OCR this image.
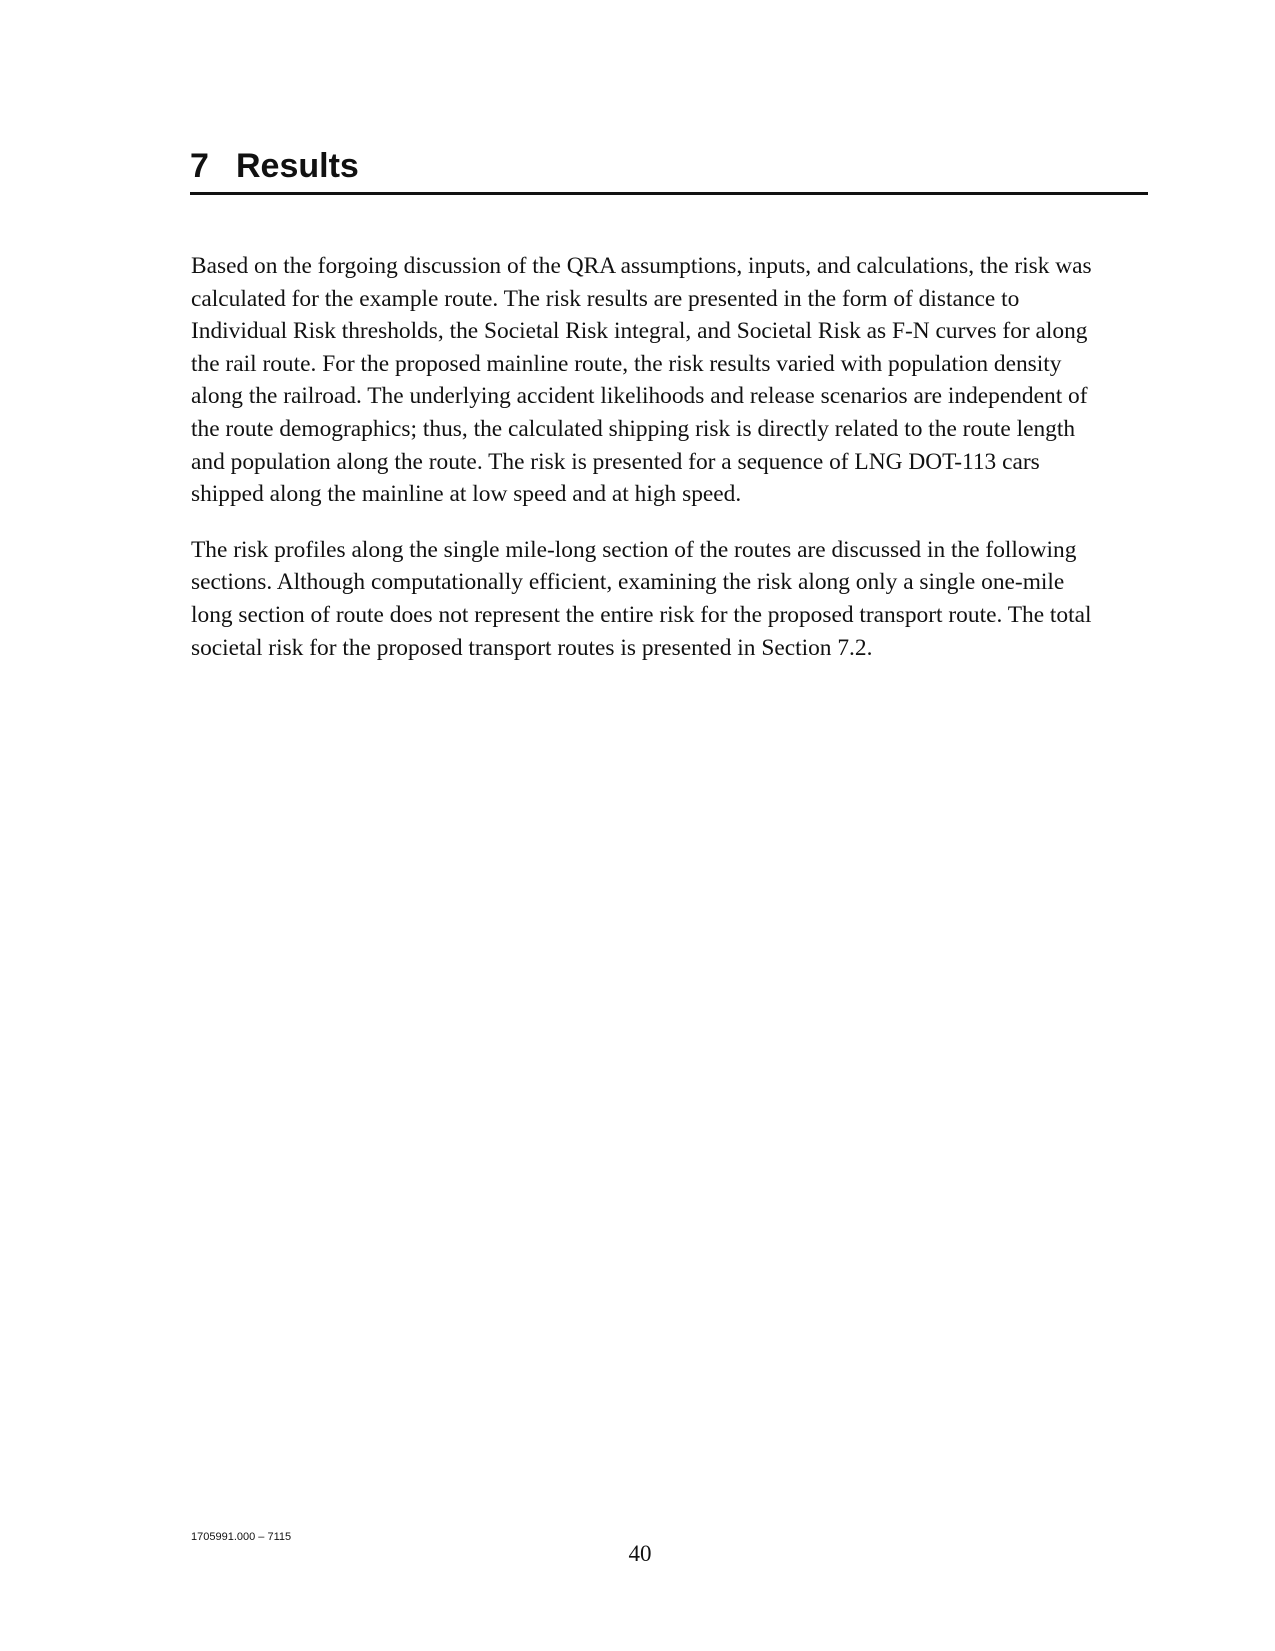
7 Results

Based on the forgoing discussion of the QRA assumptions, inputs, and calculations, the risk was
calculated for the example route. The risk results are presented in the form of distance to
Individual Risk thresholds, the Societal Risk integral, and Societal Risk as F-N curves for along
the rail route. For the proposed mainline route, the risk results varied with population density
along the railroad. The underlying accident likelihoods and release scenarios are independent of
the route demographics; thus, the calculated shipping risk is directly related to the route length
and population along the route. The risk is presented for a sequence of LNG DOT-113 cars
shipped along the mainline at low speed and at high speed.

The risk profiles along the single mile-long section of the routes are discussed in the following
sections. Although computationally efficient, examining the risk along only a single one-mile
long section of route does not represent the entire risk for the proposed transport route. The total
societal risk for the proposed transport routes is presented in Section 7.2.

1705991.000 – 7115
40
